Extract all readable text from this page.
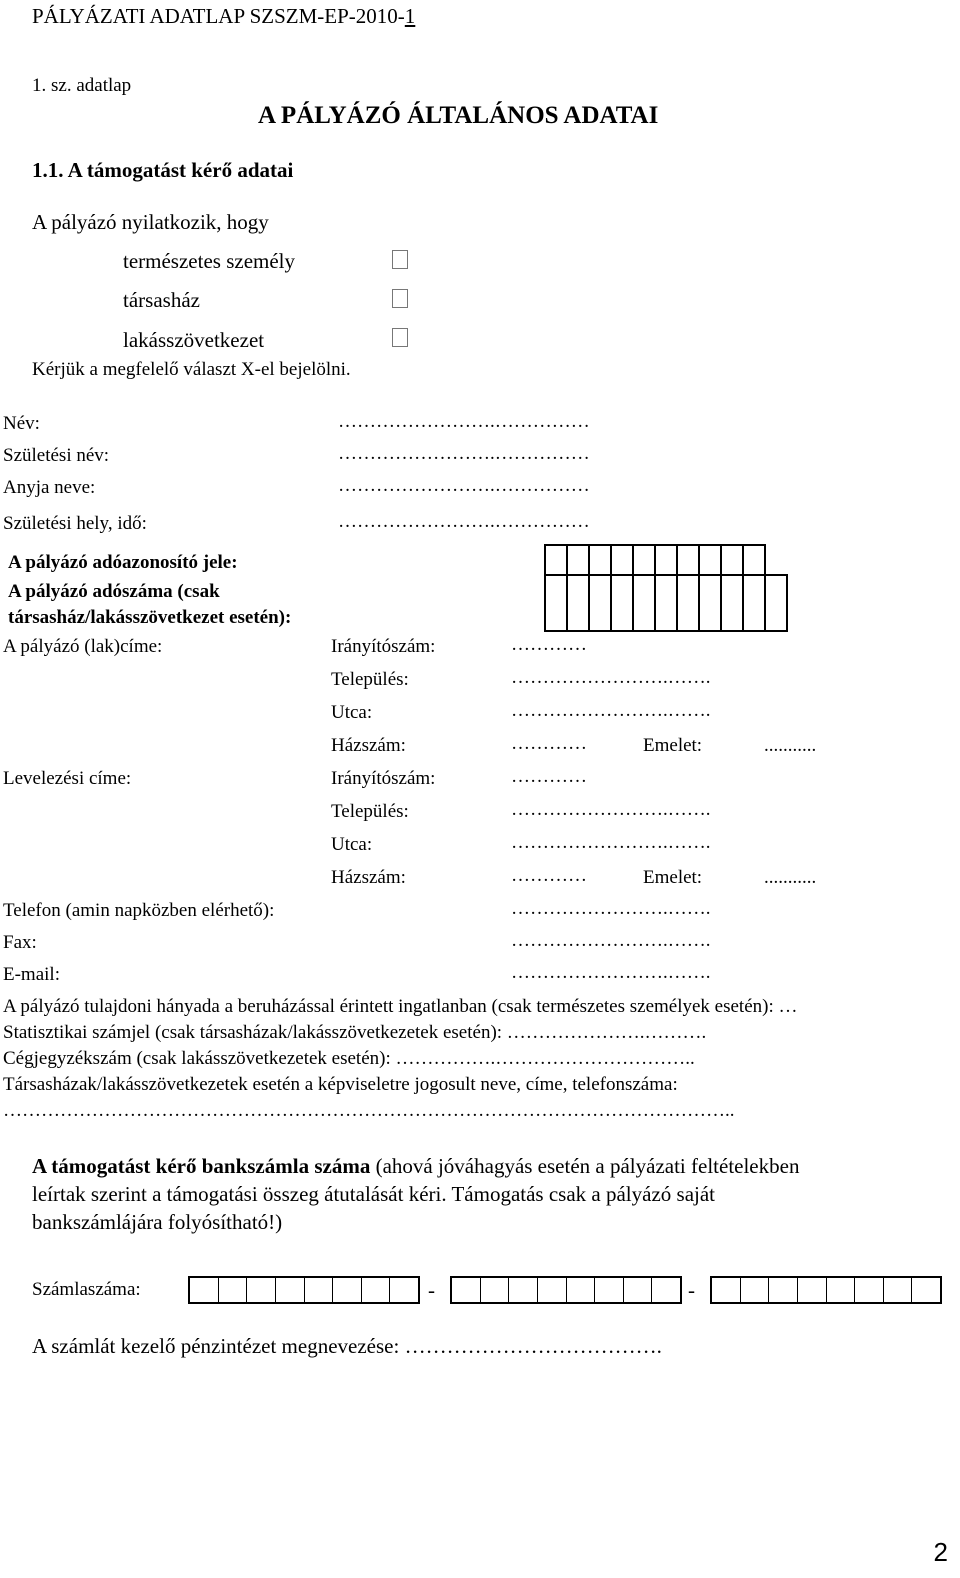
PÁLYÁZATI ADATLAP SZSZM-EP-2010-1
1. sz. adatlap
A PÁLYÁZÓ ÁLTALÁNOS ADATAI
1.1. A támogatást kérő adatai
A pályázó nyilatkozik, hogy
természetes személy
társasház
lakásszövetkezet
Kérjük a megfelelő választ X-el bejelölni.
Név:	…………………….……………
Születési név:	…………………….……………
Anyja neve:	…………………….……………
Születési hely, idő:	…………………….……………
A pályázó adóazonosító jele:

A pályázó adószáma (csak
társasház/lakásszövetkezet esetén):

A pályázó (lak)címe:	Irányítószám:	…………
Település:	…………………….…….
Utca:	…………………….…….
Házszám:	…………	Emelet:	...........
Levelezési címe:	Irányítószám:	…………
Település:	…………………….…….
Utca:	…………………….…….
Házszám:	…………	Emelet:	...........
Telefon (amin napközben elérhető):	…………………….…….
Fax:	…………………….…….
E-mail:	…………………….…….
A pályázó tulajdoni hányada a beruházással érintett ingatlanban (csak természetes személyek esetén): …
Statisztikai számjel (csak társasházak/lakásszövetkezetek esetén): ………………….……….
Cégjegyzékszám (csak lakásszövetkezetek esetén): …………….…………………………..
Társasházak/lakásszövetkezetek esetén a képviseletre jogosult neve, címe, telefonszáma:
……………………………………………………………………………………………………..
A támogatást kérő bankszámla száma (ahová jóváhagyás esetén a pályázati feltételekben
leírtak szerint a támogatási összeg átutalását kéri. Támogatás csak a pályázó saját
bankszámlájára folyósítható!)
Számlaszáma:	-	-
A számlát kezelő pénzintézet megnevezése: ……………………………….
2
